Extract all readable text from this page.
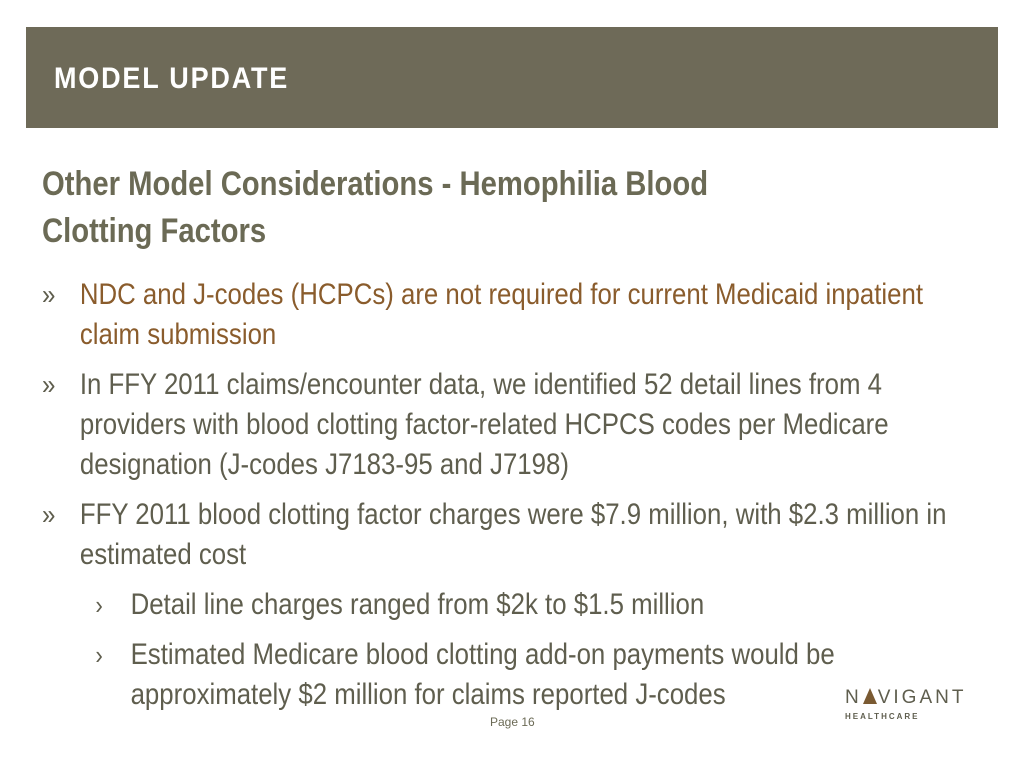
MODEL UPDATE
Other Model Considerations - Hemophilia Blood Clotting Factors
» NDC and J-codes (HCPCs) are not required for current Medicaid inpatient claim submission
» In FFY 2011 claims/encounter data, we identified 52 detail lines from 4 providers with blood clotting factor-related HCPCS codes per Medicare designation (J-codes J7183-95 and J7198)
» FFY 2011 blood clotting factor charges were $7.9 million, with $2.3 million in estimated cost
› Detail line charges ranged from $2k to $1.5 million
› Estimated Medicare blood clotting add-on payments would be approximately $2 million for claims reported J-codes
Page 16
N VIGANT
HEALTHCARE
